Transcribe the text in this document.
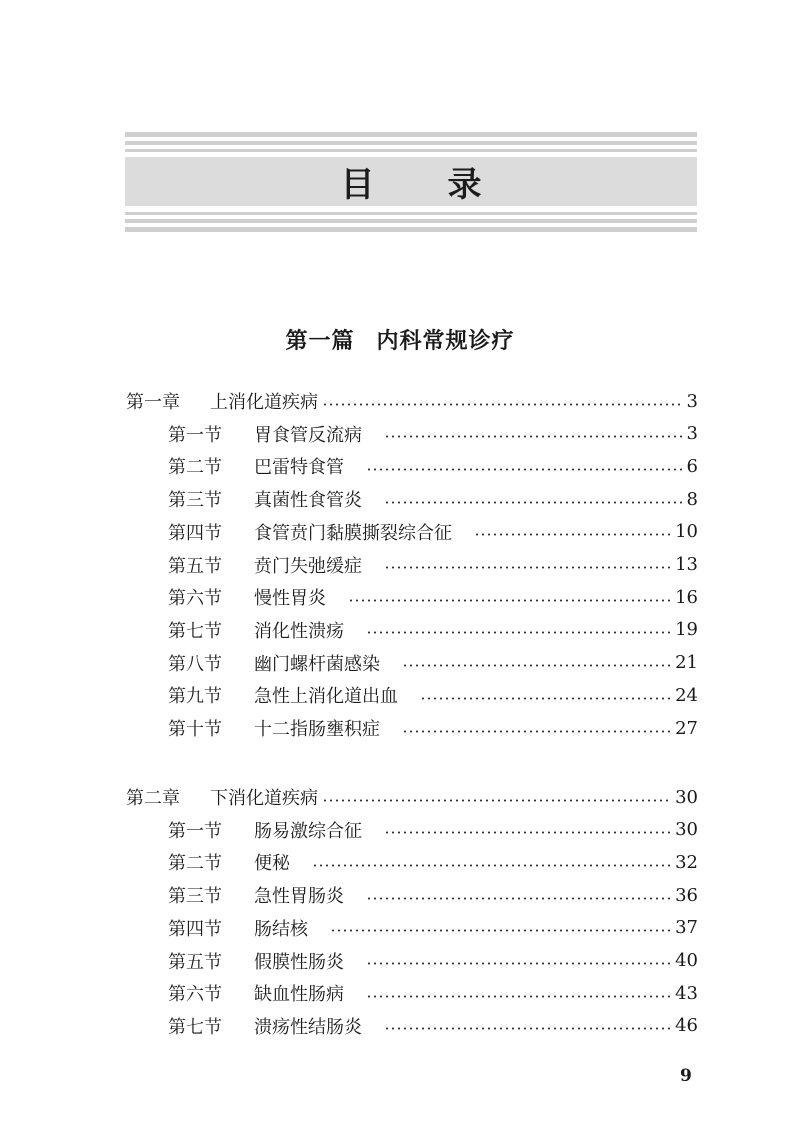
目 录
第一篇 内科常规诊疗
第一章	上消化道疾病	3
第一节	胃食管反流病	3
第二节	巴雷特食管	6
第三节	真菌性食管炎	8
第四节	食管贲门黏膜撕裂综合征	10
第五节	贲门失弛缓症	13
第六节	慢性胃炎	16
第七节	消化性溃疡	19
第八节	幽门螺杆菌感染	21
第九节	急性上消化道出血	24
第十节	十二指肠壅积症	27
第二章	下消化道疾病	30
第一节	肠易激综合征	30
第二节	便秘	32
第三节	急性胃肠炎	36
第四节	肠结核	37
第五节	假膜性肠炎	40
第六节	缺血性肠病	43
第七节	溃疡性结肠炎	46
9
